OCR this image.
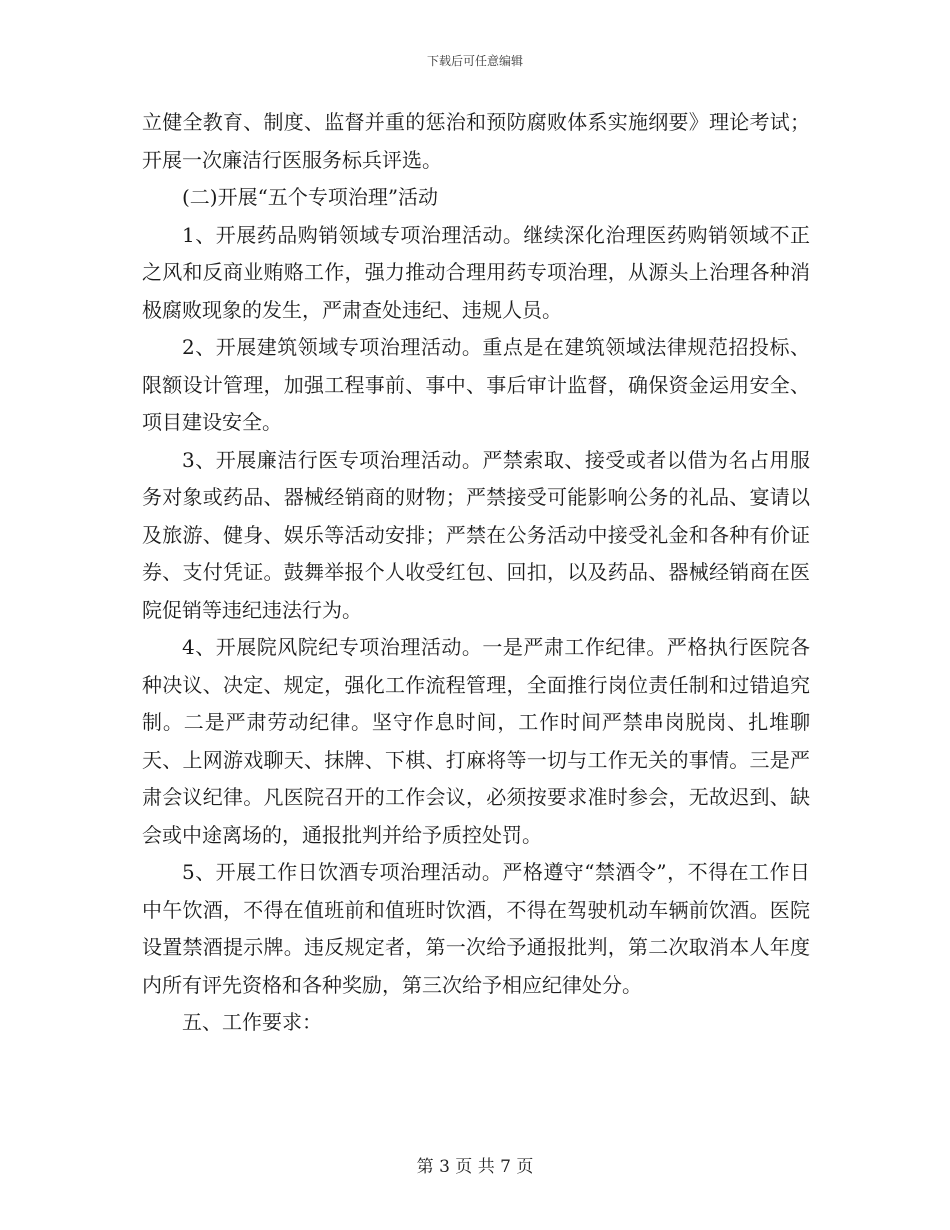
下载后可任意编辑

立健全教育、制度、监督并重的惩治和预防腐败体系实施纲要》理论考试；开展一次廉洁行医服务标兵评选。

(二)开展“五个专项治理”活动

1、开展药品购销领域专项治理活动。继续深化治理医药购销领域不正之风和反商业贿赂工作，强力推动合理用药专项治理，从源头上治理各种消极腐败现象的发生，严肃查处违纪、违规人员。

2、开展建筑领域专项治理活动。重点是在建筑领域法律规范招投标、限额设计管理，加强工程事前、事中、事后审计监督，确保资金运用安全、项目建设安全。

3、开展廉洁行医专项治理活动。严禁索取、接受或者以借为名占用服务对象或药品、器械经销商的财物；严禁接受可能影响公务的礼品、宴请以及旅游、健身、娱乐等活动安排；严禁在公务活动中接受礼金和各种有价证券、支付凭证。鼓舞举报个人收受红包、回扣，以及药品、器械经销商在医院促销等违纪违法行为。

4、开展院风院纪专项治理活动。一是严肃工作纪律。严格执行医院各种决议、决定、规定，强化工作流程管理，全面推行岗位责任制和过错追究制。二是严肃劳动纪律。坚守作息时间，工作时间严禁串岗脱岗、扎堆聊天、上网游戏聊天、抹牌、下棋、打麻将等一切与工作无关的事情。三是严肃会议纪律。凡医院召开的工作会议，必须按要求准时参会，无故迟到、缺会或中途离场的，通报批判并给予质控处罚。

5、开展工作日饮酒专项治理活动。严格遵守“禁酒令”，不得在工作日中午饮酒，不得在值班前和值班时饮酒，不得在驾驶机动车辆前饮酒。医院设置禁酒提示牌。违反规定者，第一次给予通报批判，第二次取消本人年度内所有评先资格和各种奖励，第三次给予相应纪律处分。

五、工作要求：

第 3 页 共 7 页
